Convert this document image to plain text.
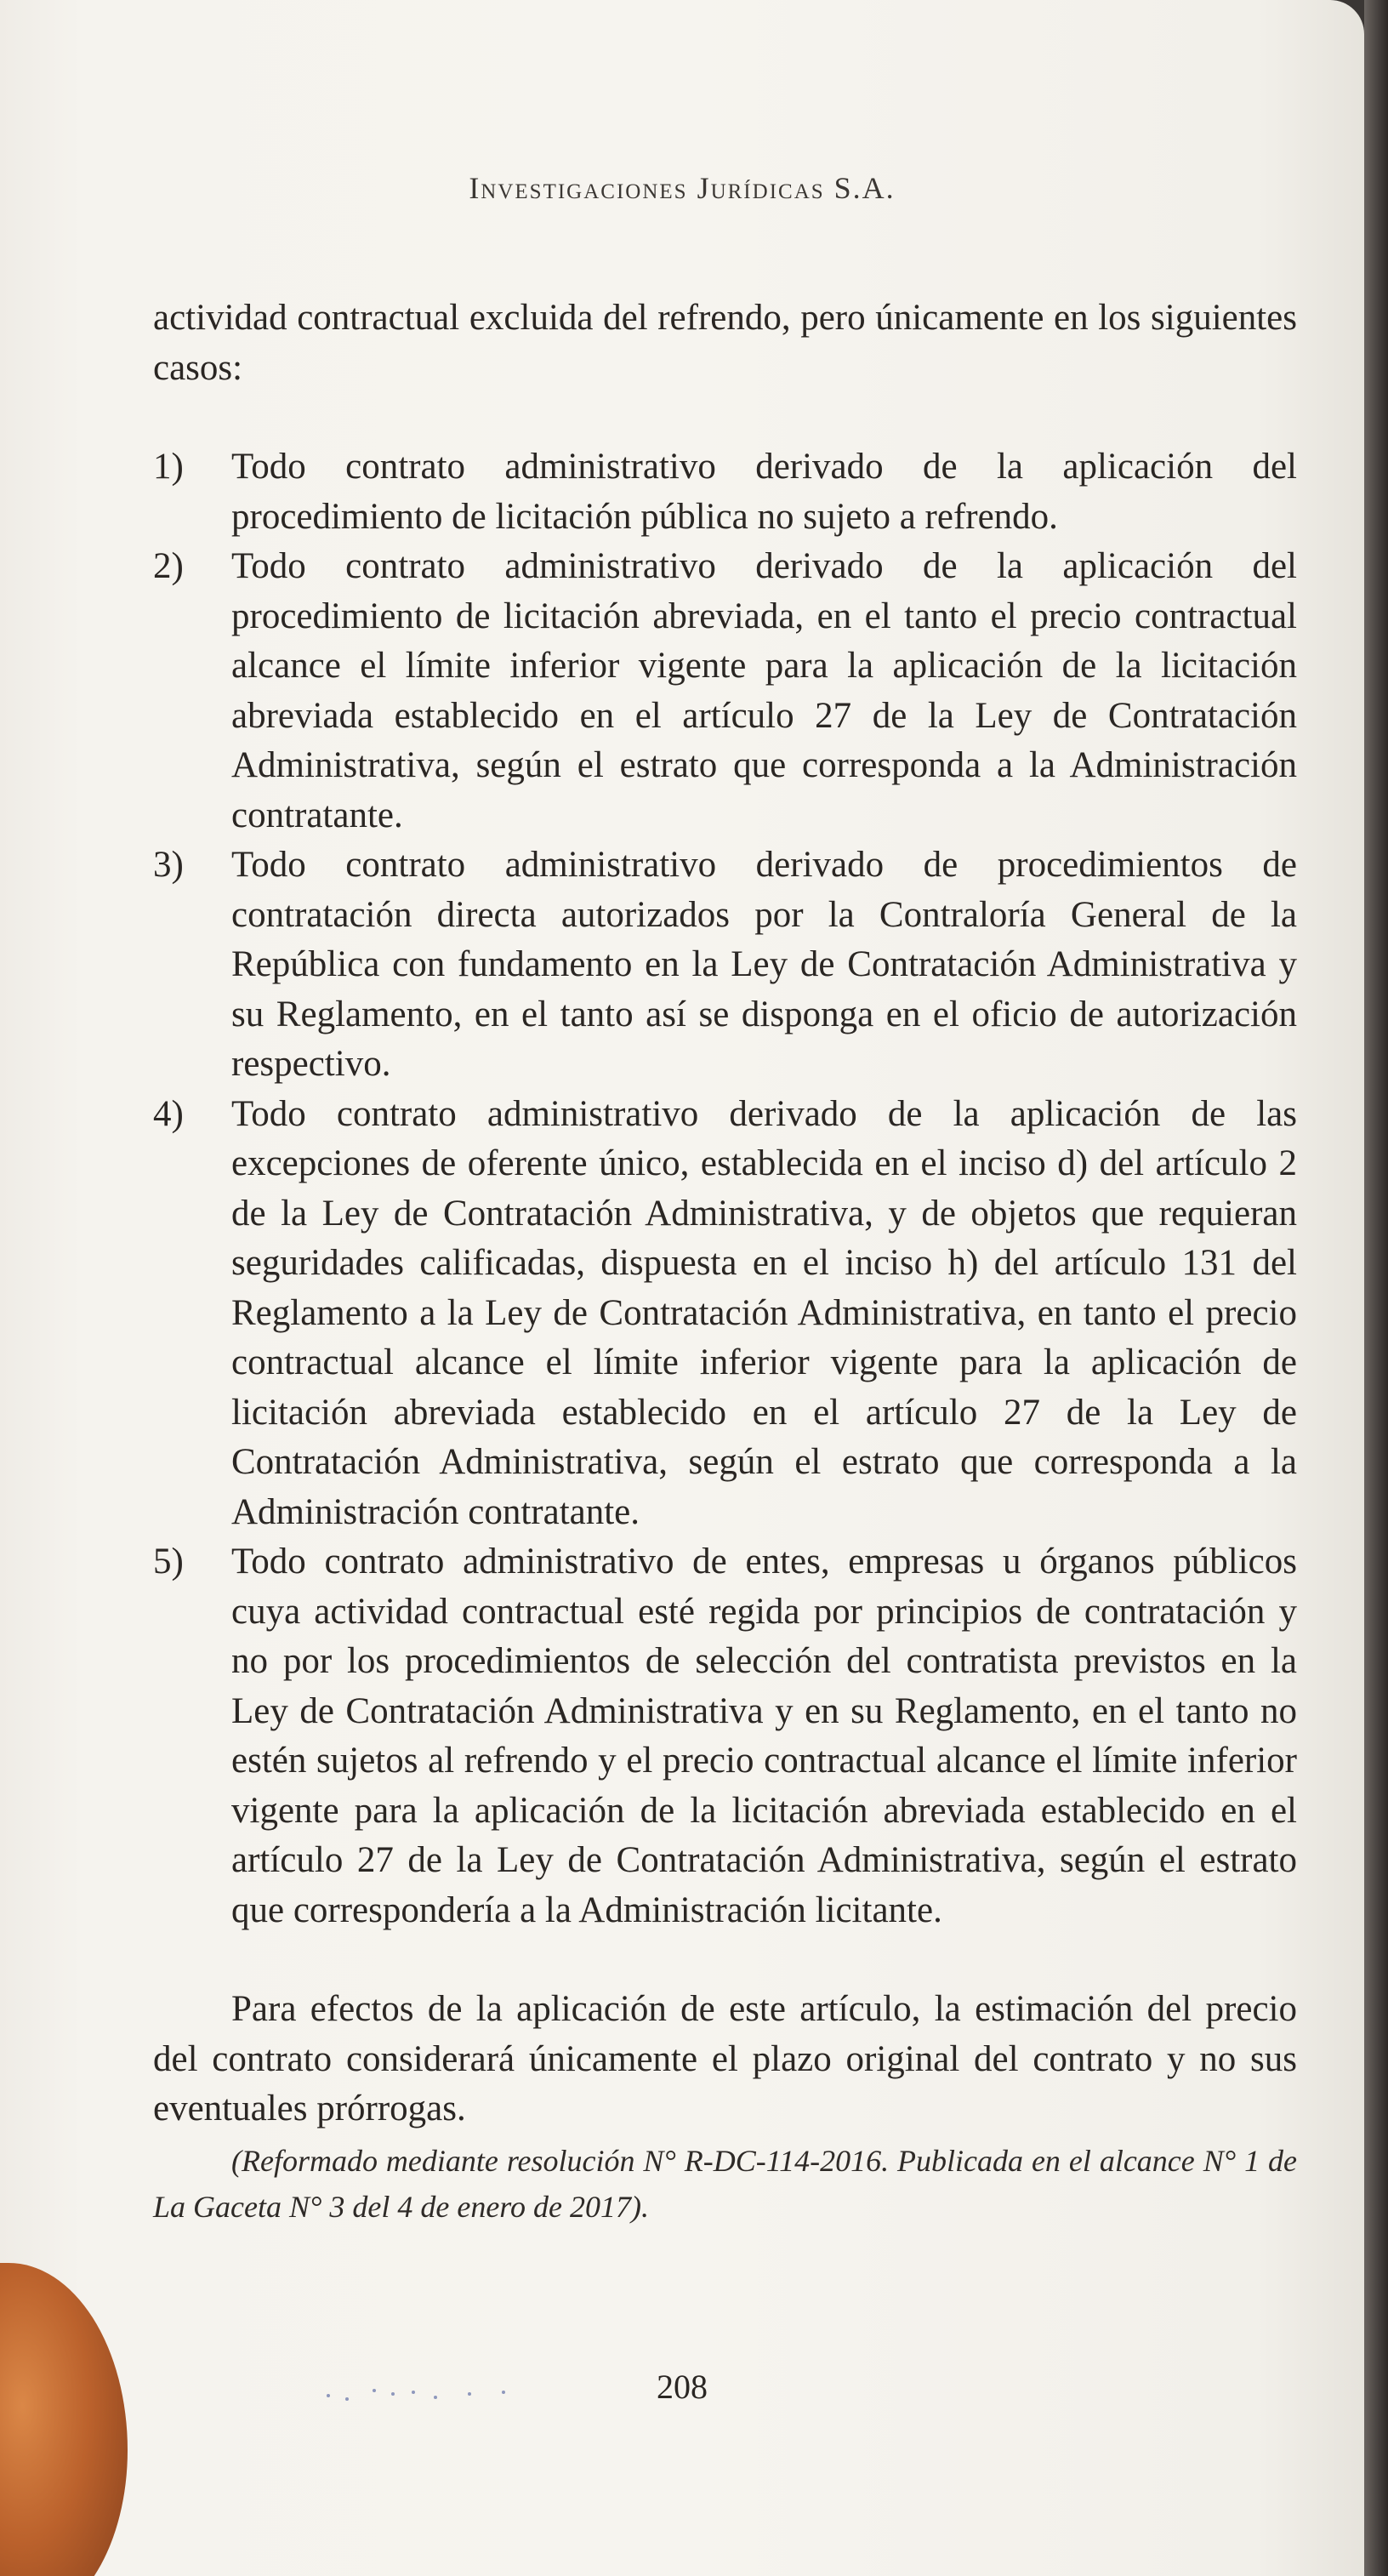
Investigaciones Jurídicas S.A.

actividad contractual excluida del refrendo, pero únicamente en los siguientes casos:

1) Todo contrato administrativo derivado de la aplicación del procedimiento de licitación pública no sujeto a refrendo.
2) Todo contrato administrativo derivado de la aplicación del procedimiento de licitación abreviada, en el tanto el precio contractual alcance el límite inferior vigente para la aplicación de la licitación abreviada establecido en el artículo 27 de la Ley de Contratación Administrativa, según el estrato que corresponda a la Administración contratante.
3) Todo contrato administrativo derivado de procedimientos de contratación directa autorizados por la Contraloría General de la República con fundamento en la Ley de Contratación Administrativa y su Reglamento, en el tanto así se disponga en el oficio de autorización respectivo.
4) Todo contrato administrativo derivado de la aplicación de las excepciones de oferente único, establecida en el inciso d) del artículo 2 de la Ley de Contratación Administrativa, y de objetos que requieran seguridades calificadas, dispuesta en el inciso h) del artículo 131 del Reglamento a la Ley de Contratación Administrativa, en tanto el precio contractual alcance el límite inferior vigente para la aplicación de licitación abreviada establecido en el artículo 27 de la Ley de Contratación Administrativa, según el estrato que corresponda a la Administración contratante.
5) Todo contrato administrativo de entes, empresas u órganos públicos cuya actividad contractual esté regida por principios de contratación y no por los procedimientos de selección del contratista previstos en la Ley de Contratación Administrativa y en su Reglamento, en el tanto no estén sujetos al refrendo y el precio contractual alcance el límite inferior vigente para la aplicación de la licitación abreviada establecido en el artículo 27 de la Ley de Contratación Administrativa, según el estrato que correspondería a la Administración licitante.

Para efectos de la aplicación de este artículo, la estimación del precio del contrato considerará únicamente el plazo original del contrato y no sus eventuales prórrogas.

(Reformado mediante resolución N° R-DC-114-2016. Publicada en el alcance N° 1 de La Gaceta N° 3 del 4 de enero de 2017).

208
